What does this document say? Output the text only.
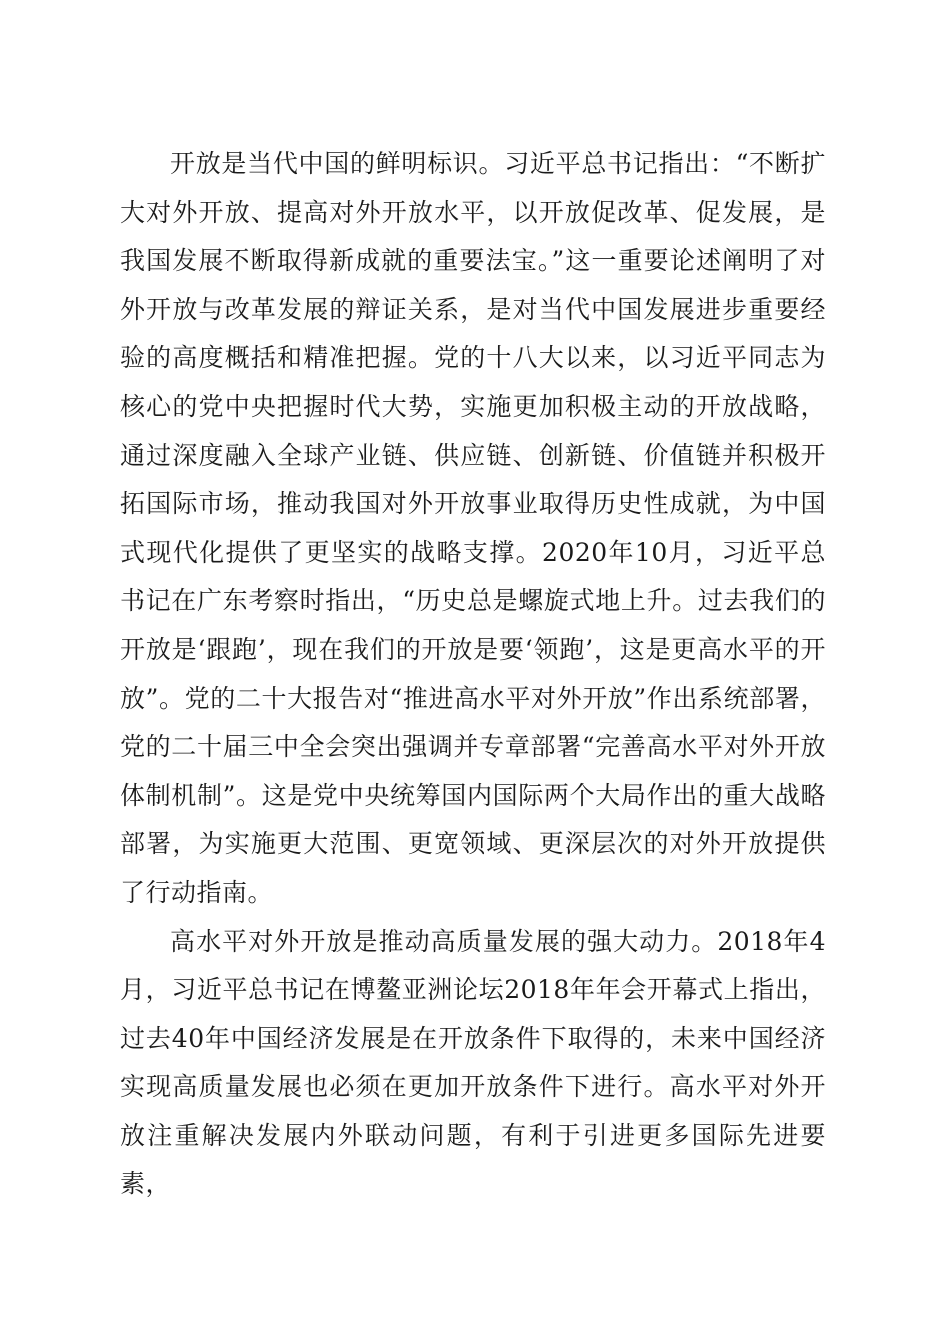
开放是当代中国的鲜明标识。习近平总书记指出：“不断扩大对外开放、提高对外开放水平，以开放促改革、促发展，是我国发展不断取得新成就的重要法宝。”这一重要论述阐明了对外开放与改革发展的辩证关系，是对当代中国发展进步重要经验的高度概括和精准把握。党的十八大以来，以习近平同志为核心的党中央把握时代大势，实施更加积极主动的开放战略，通过深度融入全球产业链、供应链、创新链、价值链并积极开拓国际市场，推动我国对外开放事业取得历史性成就，为中国式现代化提供了更坚实的战略支撑。2020年10月，习近平总书记在广东考察时指出，“历史总是螺旋式地上升。过去我们的开放是‘跟跑’，现在我们的开放是要‘领跑’，这是更高水平的开放”。党的二十大报告对“推进高水平对外开放”作出系统部署，党的二十届三中全会突出强调并专章部署“完善高水平对外开放体制机制”。这是党中央统筹国内国际两个大局作出的重大战略部署，为实施更大范围、更宽领域、更深层次的对外开放提供了行动指南。

高水平对外开放是推动高质量发展的强大动力。2018年4月，习近平总书记在博鳌亚洲论坛2018年年会开幕式上指出，过去40年中国经济发展是在开放条件下取得的，未来中国经济实现高质量发展也必须在更加开放条件下进行。高水平对外开放注重解决发展内外联动问题，有利于引进更多国际先进要素，
